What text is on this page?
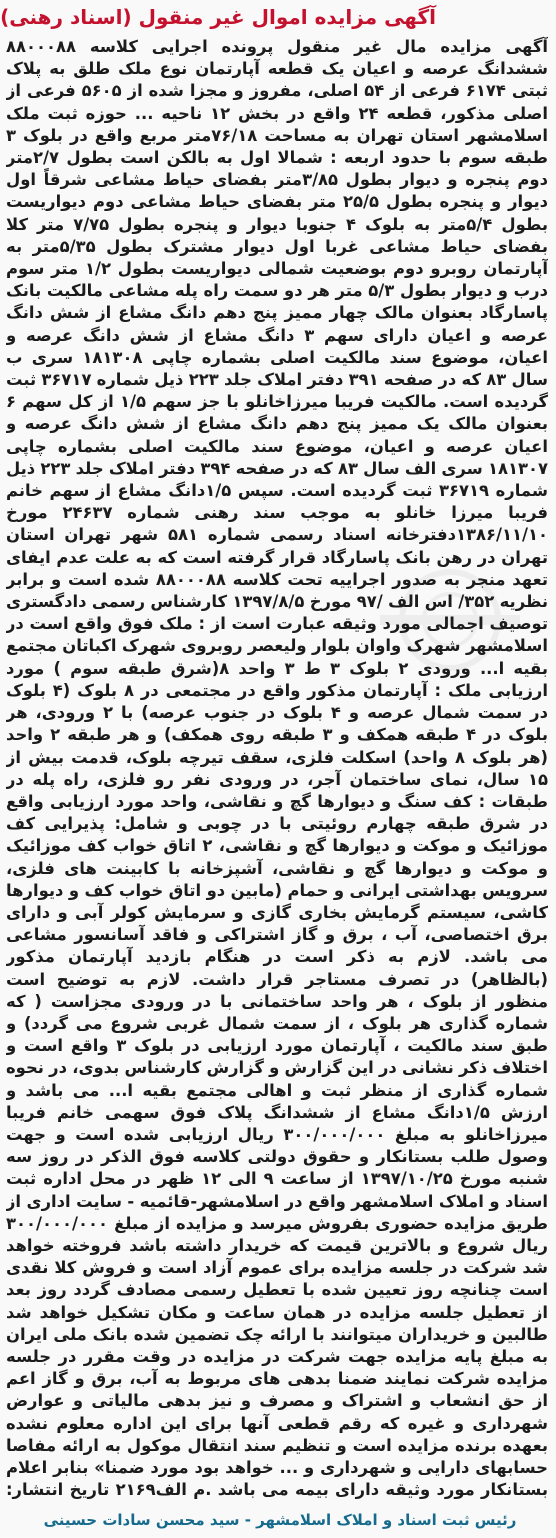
آگهی مزایده اموال غیر منقول (اسناد رهنی)
آگهی مزایده مال غیر منقول پرونده اجرایی کلاسه ۸۸۰۰۰۸۸ ششدانگ عرصه و اعیان یک قطعه آپارتمان نوع ملک طلق به پلاک ثبتی ۶۱۷۴ فرعی از ۵۴ اصلی، مفروز و مجزا شده از ۵۶۰۵ فرعی از اصلی مذکور، قطعه ۲۴ واقع در بخش ۱۲ ناحیه ... حوزه ثبت ملک اسلامشهر استان تهران به مساحت ۷۶/۱۸متر مربع واقع در بلوک ۳ طبقه سوم با حدود اربعه : شمالا اول به بالکن است بطول ۲/۷متر دوم پنجره و دیوار بطول ۳/۸۵متر بفضای حیاط مشاعی شرقاً اول دیوار و پنجره بطول ۲۵/۵ متر بفضای حیاط مشاعی دوم دیواریست بطول ۵/۴متر به بلوک ۴ جنوبا دیوار و پنجره بطول ۷/۷۵ متر کلا بفضای حیاط مشاعی غربا اول دیوار مشترک بطول ۵/۳۵متر به آپارتمان روبرو دوم بوضعیت شمالی دیواریست بطول ۱/۲ متر سوم درب و دیوار بطول ۵/۳ متر هر دو سمت راه پله مشاعی مالکیت بانک پاسارگاد بعنوان مالک چهار ممیز پنج دهم دانگ مشاع از شش دانگ عرصه و اعیان دارای سهم ۳ دانگ مشاع از شش دانگ عرصه و اعیان، موضوع سند مالکیت اصلی بشماره چاپی ۱۸۱۳۰۸ سری ب سال ۸۳ که در صفحه ۳۹۱ دفتر املاک جلد ۲۲۳ ذیل شماره ۳۶۷۱۷ ثبت گردیده است. مالکیت فریبا میرزاخانلو با جز سهم ۱/۵ از کل سهم ۶ بعنوان مالک یک ممیز پنج دهم دانگ مشاع از شش دانگ عرصه و اعیان عرصه و اعیان، موضوع سند مالکیت اصلی بشماره چاپی ۱۸۱۳۰۷ سری الف سال ۸۳ که در صفحه ۳۹۴ دفتر املاک جلد ۲۲۳ ذیل شماره ۳۶۷۱۹ ثبت گردیده است. سپس ۱/۵دانگ مشاع از سهم خانم فریبا میرزا خانلو به موجب سند رهنی شماره ۲۴۶۳۷ مورخ ۱۳۸۶/۱۱/۱۰دفترخانه اسناد رسمی شماره ۵۸۱ شهر تهران استان تهران در رهن بانک پاسارگاد قرار گرفته است که به علت عدم ایفای تعهد منجر به صدور اجراییه تحت کلاسه ۸۸۰۰۰۸۸ شده است و برابر نظریه ۳۵۲/ اس الف /۹۷ مورخ ۱۳۹۷/۸/۵ کارشناس رسمی دادگستری توصیف اجمالی مورد وثیقه عبارت است از : ملک فوق واقع است در اسلامشهر شهرک واوان بلوار ولیعصر روبروی شهرک اکباتان مجتمع بقیه ا... ورودی ۲ بلوک ۳ ط ۳ واحد ۸(شرق طبقه سوم ) مورد ارزیابی ملک : آپارتمان مذکور واقع در مجتمعی در ۸ بلوک (۴ بلوک در سمت شمال عرصه و ۴ بلوک در جنوب عرصه) با ۲ ورودی، هر بلوک در ۴ طبقه همکف و ۳ طبقه روی همکف) و هر طبقه ۲ واحد (هر بلوک ۸ واحد) اسکلت فلزی، سقف تیرچه بلوک، قدمت بیش از ۱۵ سال، نمای ساختمان آجر، در ورودی نفر رو فلزی، راه پله در طبقات : کف سنگ و دیوارها گچ و نقاشی، واحد مورد ارزیابی واقع در شرق طبقه چهارم روئیتی با در چوبی و شامل: پذیرایی کف موزائیک و موکت و دیوارها گچ و نقاشی، ۲ اتاق خواب کف موزائیک و موکت و دیوارها گچ و نقاشی، آشپزخانه با کابینت های فلزی، سرویس بهداشتی ایرانی و حمام (مابین دو اتاق خواب کف و دیوارها کاشی، سیستم گرمایش بخاری گازی و سرمایش کولر آبی و دارای برق اختصاصی، آب ، برق و گاز اشتراکی و فاقد آسانسور مشاعی می باشد. لازم به ذکر است در هنگام بازدید آپارتمان مذکور (بالظاهر) در تصرف مستاجر قرار داشت. لازم به توضیح است منظور از بلوک ، هر واحد ساختمانی با در ورودی مجزاست ( که شماره گذاری هر بلوک ، از سمت شمال غربی شروع می گردد) و طبق سند مالکیت ، آپارتمان مورد ارزیابی در بلوک ۳ واقع است و اختلاف ذکر نشانی در این گزارش و گزارش کارشناس بدوی، در نحوه شماره گذاری از منظر ثبت و اهالی مجتمع بقیه ا... می باشد و ارزش ۱/۵دانگ مشاع از ششدانگ پلاک فوق سهمی خانم فریبا میرزاخانلو به مبلغ ۳۰۰/۰۰۰/۰۰۰ ریال ارزیابی شده است و جهت وصول طلب بستانکار و حقوق دولتی کلاسه فوق الذکر در روز سه شنبه مورخ ۱۳۹۷/۱۰/۲۵ از ساعت ۹ الی ۱۲ ظهر در محل اداره ثبت اسناد و املاک اسلامشهر واقع در اسلامشهر-قائمیه - سایت اداری از طریق مزایده حضوری بفروش میرسد و مزایده از مبلغ ۳۰۰/۰۰۰/۰۰۰ ریال شروع و بالاترین قیمت که خریدار داشته باشد فروخته خواهد شد شرکت در جلسه مزایده برای عموم آزاد است و فروش کلا نقدی است چنانچه روز تعیین شده با تعطیل رسمی مصادف گردد روز بعد از تعطیل جلسه مزایده در همان ساعت و مکان تشکیل خواهد شد طالبین و خریداران میتوانند با ارائه چک تضمین شده بانک ملی ایران به مبلغ پایه مزایده جهت شرکت در مزایده در وقت مقرر در جلسه مزایده شرکت نمایند ضمنا بدهی های مربوط به آب، برق و گاز اعم از حق انشعاب و اشتراک و مصرف و نیز بدهی مالیاتی و عوارض شهرداری و غیره که رقم قطعی آنها برای این اداره معلوم نشده بعهده برنده مزایده است و تنظیم سند انتقال موکول به ارائه مفاصا حسابهای دارایی و شهرداری و ... خواهد بود مورد ضمنا» بنابر اعلام بستانکار مورد وثیقه دارای بیمه می باشد .م الف۲۱۶۹ تاریخ انتشار:
رئیس ثبت اسناد و املاک اسلامشهر - سید محسن سادات حسینی
